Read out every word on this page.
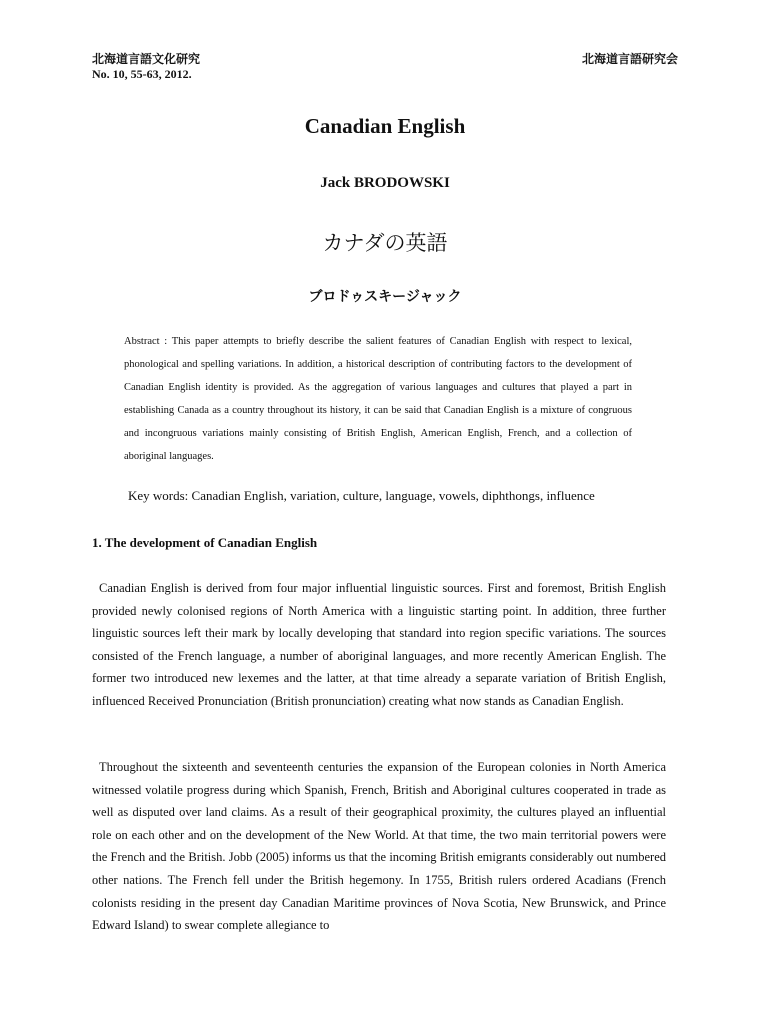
北海道言語文化研究
No. 10, 55-63, 2012.
北海道言語研究会
Canadian English
Jack BRODOWSKI
カナダの英語
ブロドゥスキージャック
Abstract : This paper attempts to briefly describe the salient features of Canadian English with respect to lexical, phonological and spelling variations. In addition, a historical description of contributing factors to the development of Canadian English identity is provided. As the aggregation of various languages and cultures that played a part in establishing Canada as a country throughout its history, it can be said that Canadian English is a mixture of congruous and incongruous variations mainly consisting of British English, American English, French, and a collection of aboriginal languages.
Key words: Canadian English, variation, culture, language, vowels, diphthongs, influence
1. The development of Canadian English
Canadian English is derived from four major influential linguistic sources. First and foremost, British English provided newly colonised regions of North America with a linguistic starting point. In addition, three further linguistic sources left their mark by locally developing that standard into region specific variations. The sources consisted of the French language, a number of aboriginal languages, and more recently American English. The former two introduced new lexemes and the latter, at that time already a separate variation of British English, influenced Received Pronunciation (British pronunciation) creating what now stands as Canadian English.
Throughout the sixteenth and seventeenth centuries the expansion of the European colonies in North America witnessed volatile progress during which Spanish, French, British and Aboriginal cultures cooperated in trade as well as disputed over land claims. As a result of their geographical proximity, the cultures played an influential role on each other and on the development of the New World. At that time, the two main territorial powers were the French and the British. Jobb (2005) informs us that the incoming British emigrants considerably out numbered other nations. The French fell under the British hegemony. In 1755, British rulers ordered Acadians (French colonists residing in the present day Canadian Maritime provinces of Nova Scotia, New Brunswick, and Prince Edward Island) to swear complete allegiance to
